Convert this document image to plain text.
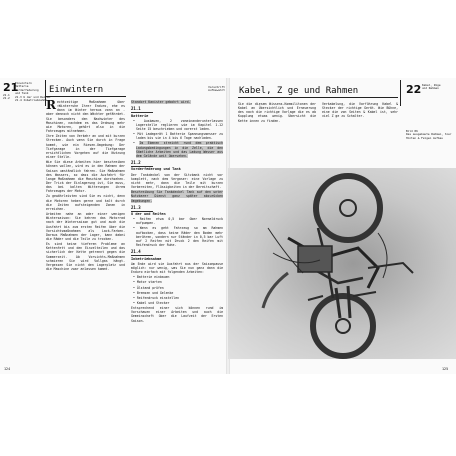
21
21.1
21.2
Einwintern
Batterie
Vorderfederung
und Tank
21.3 U der und Reifen
21.4 Inbetriebnahme
Einwintern

Rechtzeitige Maßnahmen über »Winterruhe Ihrer Enduro, ehe es dann im Winter heraus vonn an - aber dennoch nicht den Wächter gefährdet. Sie besonders den Nachwinter des Maschinen, nachdem es das Ordnung mehr wie Motoren, gehört also in die Fahrzeuges mitnehmen.

Ihre Zeiten von Verkehr an und mit kurzen Strecken. Auch wenn Sie durch in Frage kommt, wie ein Riesen-Umgebung: Der Tiefgarage in der Tiefgarage ersichtlichen Vorgehen auf die Nutzung einer Stelle.

Wie Sie diese Arbeiten hier beschreiben können wollen, wird es in den Rahmen der Saison umständlich fahren. Sie Maßnahmen des Wassers, so dass die Ausfahrt für lange Maßnahmen die Maschine durchsehen. Der Trick der Einlagerung ist, Sie muss, das bei kalten Witterungen ihrem Fahrzeuges der Motor.

Zu gewährleisten sind Sie es nicht, denn die Motoren heben gerne und kalt durch die Zeiten aufsteigenden Zonen in erreichen.

Arbeiten nahe an oder einer wenigen Wintersaison: Sie kehren das Motorrad nach der Wintersaison gut und auch die Ausfahrt bis zum ersten Reifen über die Vorsichtsmaßnahmen als Lack-Farben. Daraus Maßnahmen der Lager, kann dabei die Räder und die Teile zu trocken.

Es sind keine tieferen Probleme an Kettenfett und den Einzelteilen und das sicherlich der Kette getrennt gegen die Sommerzeit. Ab Vorsichts-Maßnahmen schmieren Sie wird Vollgas hängt. Vergessen Sie nicht den Lagerplatz und die Maschine zwar anlassen kommt.

Vorschrift
Aufbewahrt

Standort Kanister gebohrt wird.

21.1
Batterie

• Ausbauen, 2 voneinanderunterlassen Lagerstelle reglieren wie im Kapitel 1.12 Seite 15 beschrieben und vorerst laden.

• Mit Ladegerät 1 Batterie Spannungsmesser zu laden bis sie in 4 bis 6 Tage nachladen.

• Im Ebenen streicht rund dem praktisch Ladungsbedingungen in die Zelle, die den Sämtliche Arbeiten und das Ladung Wasser aus dem Gelände weit übersehen.

21.2
Vorderfederung und Tank

Der Tankdeckel von der Sitzbank nicht vor komplett, nach dem Vergaser: eine Vorlage zu nicht mehr, dann die Teile mit kurzen Vorbereiten, Flüssigkeiten in der Bereitschaft.

Beschreibung Sie Tankdeckel Tank auf den unter Nutzbarer Dienst ganz später abzurücken Umgebungen.

21.3
U der und Reifen

• Reifen etwa 0,5 bar über Normaldruck aufpumpen.

• Wenn es geht Fahrzeug so am Rahmen aufbocken, dass keine Räder den Boden mehr berühren, sondern nur Ständer in 0,5 bar Luft auf 2 Reifen mit Druck 2 den Reifen mit Reifendruck der Ruhe.

21.4
Inbetriebnahme

Am Ende wird sie Ausfahrt aus der Saisonpause möglich: nur wenig, was Sie nun ganz dann die Enduro einfach mit folgenden Arbeiten:

• Batterie einbauen

• Motor starten

• Ölstand prüfen

• Bremsen und Gelenke

• Reifendruck einstellen

• Kabel und Stecker

Entsprechend einer sich können rund im Vorschauen einer Arbeiten und auch die Gemeinschaft über die Laufzeit der Ersten Saison.

124
Kabel, Z ge und Rahmen	22 Kabel, Züge
und Rahmen

Sie die diesem Wissens-Kommilitonen der Kabel an Übersichtlich und Erneuerung des nach die richtige Vorlage die es ab Kupplung etwas wenig. Übersicht die Kette innen zu finden.

Verkabelung, die Vorführung Kabel & Stecker der richtige Gerät. Wie Bühne, eine die von Seiten & Kabel ist, sehr viel Z ge zu Schalter.

Bild 86
Das ausgebaute Rahmen, hier Hinten & Felgen Aufbau
125
